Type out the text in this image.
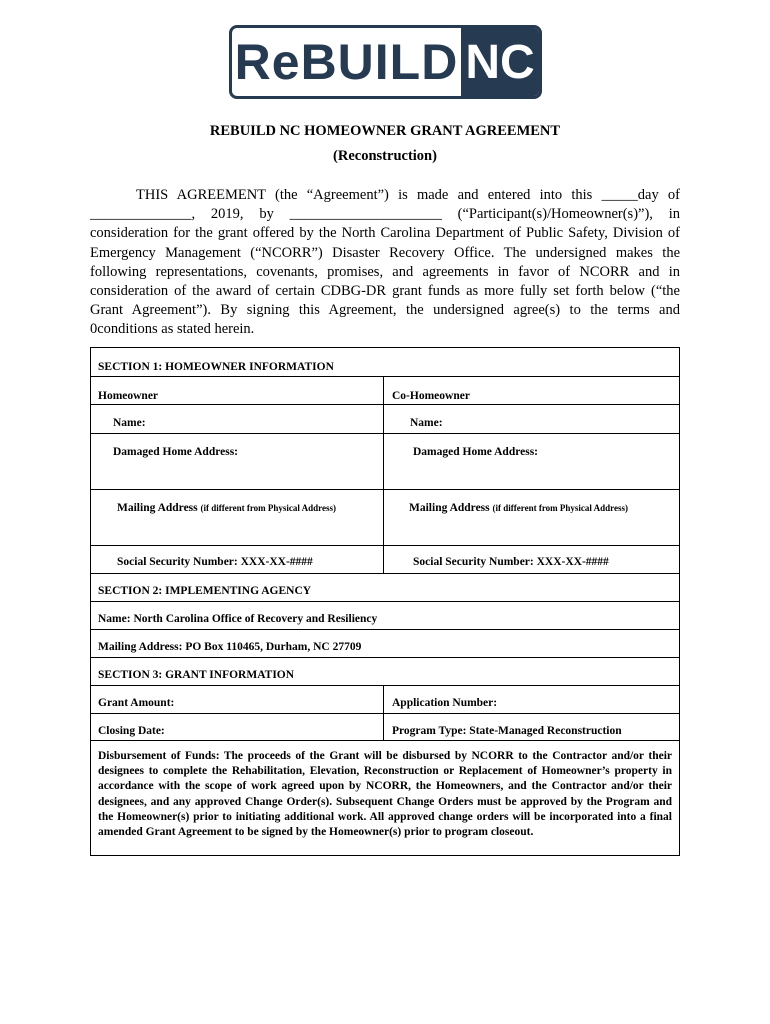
ReBUILD NC
REBUILD NC HOMEOWNER GRANT AGREEMENT
(Reconstruction)

THIS AGREEMENT (the “Agreement”) is made and entered into this _____day of ______________, 2019, by _____________________ (“Participant(s)/Homeowner(s)”), in consideration for the grant offered by the North Carolina Department of Public Safety, Division of Emergency Management (“NCORR”) Disaster Recovery Office. The undersigned makes the following representations, covenants, promises, and agreements in favor of NCORR and in consideration of the award of certain CDBG-DR grant funds as more fully set forth below (“the Grant Agreement”). By signing this Agreement, the undersigned agree(s) to the terms and 0conditions as stated herein.

SECTION 1: HOMEOWNER INFORMATION
Homeowner	Co-Homeowner
Name:	Name:
Damaged Home Address:	Damaged Home Address:
Mailing Address (if different from Physical Address)	Mailing Address (if different from Physical Address)
Social Security Number: XXX-XX-####	Social Security Number: XXX-XX-####
SECTION 2: IMPLEMENTING AGENCY
Name: North Carolina Office of Recovery and Resiliency
Mailing Address: PO Box 110465, Durham, NC 27709
SECTION 3: GRANT INFORMATION
Grant Amount:	Application Number:
Closing Date:	Program Type: State-Managed Reconstruction
Disbursement of Funds: The proceeds of the Grant will be disbursed by NCORR to the Contractor and/or their designees to complete the Rehabilitation, Elevation, Reconstruction or Replacement of Homeowner’s property in accordance with the scope of work agreed upon by NCORR, the Homeowners, and the Contractor and/or their designees, and any approved Change Order(s). Subsequent Change Orders must be approved by the Program and the Homeowner(s) prior to initiating additional work. All approved change orders will be incorporated into a final amended Grant Agreement to be signed by the Homeowner(s) prior to program closeout.
